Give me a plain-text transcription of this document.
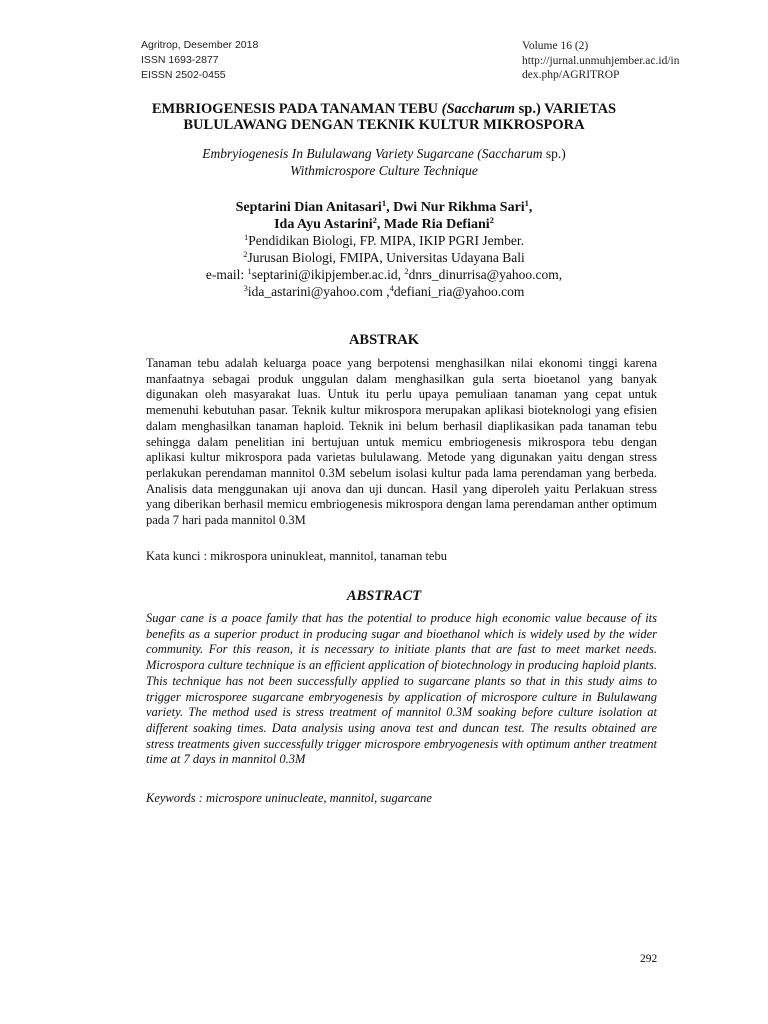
Agritrop, Desember 2018
ISSN 1693-2877
EISSN 2502-0455
Volume 16 (2)
http://jurnal.unmuhjember.ac.id/in
dex.php/AGRITROP
EMBRIOGENESIS PADA TANAMAN TEBU (Saccharum sp.) VARIETAS
BULULAWANG DENGAN TEKNIK KULTUR MIKROSPORA
Embryiogenesis In Bululawang Variety Sugarcane (Saccharum sp.)
Withmicrospore Culture Technique
Septarini Dian Anitasari$^1$, Dwi Nur Rikhma Sari$^1$,
Ida Ayu Astarini$^2$, Made Ria Defiani$^2$
$^1$Pendidikan Biologi, FP. MIPA, IKIP PGRI Jember.
$^2$Jurusan Biologi, FMIPA, Universitas Udayana Bali
e-mail: $^1$septarini@ikipjember.ac.id, $^2$dnrs_dinurrisa@yahoo.com,
$^3$ida_astarini@yahoo.com ,$^4$defiani_ria@yahoo.com
ABSTRAK
Tanaman tebu adalah keluarga poace yang berpotensi menghasilkan nilai ekonomi tinggi karena manfaatnya sebagai produk unggulan dalam menghasilkan gula serta bioetanol yang banyak digunakan oleh masyarakat luas. Untuk itu perlu upaya pemuliaan tanaman yang cepat untuk memenuhi kebutuhan pasar. Teknik kultur mikrospora merupakan aplikasi bioteknologi yang efisien dalam menghasilkan tanaman haploid. Teknik ini belum berhasil diaplikasikan pada tanaman tebu sehingga dalam penelitian ini bertujuan untuk memicu embriogenesis mikrospora tebu dengan aplikasi kultur mikrospora pada varietas bululawang. Metode yang digunakan yaitu dengan stress perlakukan perendaman mannitol 0.3M sebelum isolasi kultur pada lama perendaman yang berbeda. Analisis data menggunakan uji anova dan uji duncan. Hasil yang diperoleh yaitu Perlakuan stress yang diberikan berhasil memicu embriogenesis mikrospora dengan lama perendaman anther optimum pada 7 hari pada mannitol 0.3M
Kata kunci : mikrospora uninukleat, mannitol, tanaman tebu
ABSTRACT
Sugar cane is a poace family that has the potential to produce high economic value because of its benefits as a superior product in producing sugar and bioethanol which is widely used by the wider community. For this reason, it is necessary to initiate plants that are fast to meet market needs. Microspora culture technique is an efficient application of biotechnology in producing haploid plants. This technique has not been successfully applied to sugarcane plants so that in this study aims to trigger microsporee sugarcane embryogenesis by application of microspore culture in Bululawang variety. The method used is stress treatment of mannitol 0.3M soaking before culture isolation at different soaking times. Data analysis using anova test and duncan test. The results obtained are stress treatments given successfully trigger microspore embryogenesis with optimum anther treatment time at 7 days in mannitol 0.3M
Keywords : microspore uninucleate, mannitol, sugarcane
292
